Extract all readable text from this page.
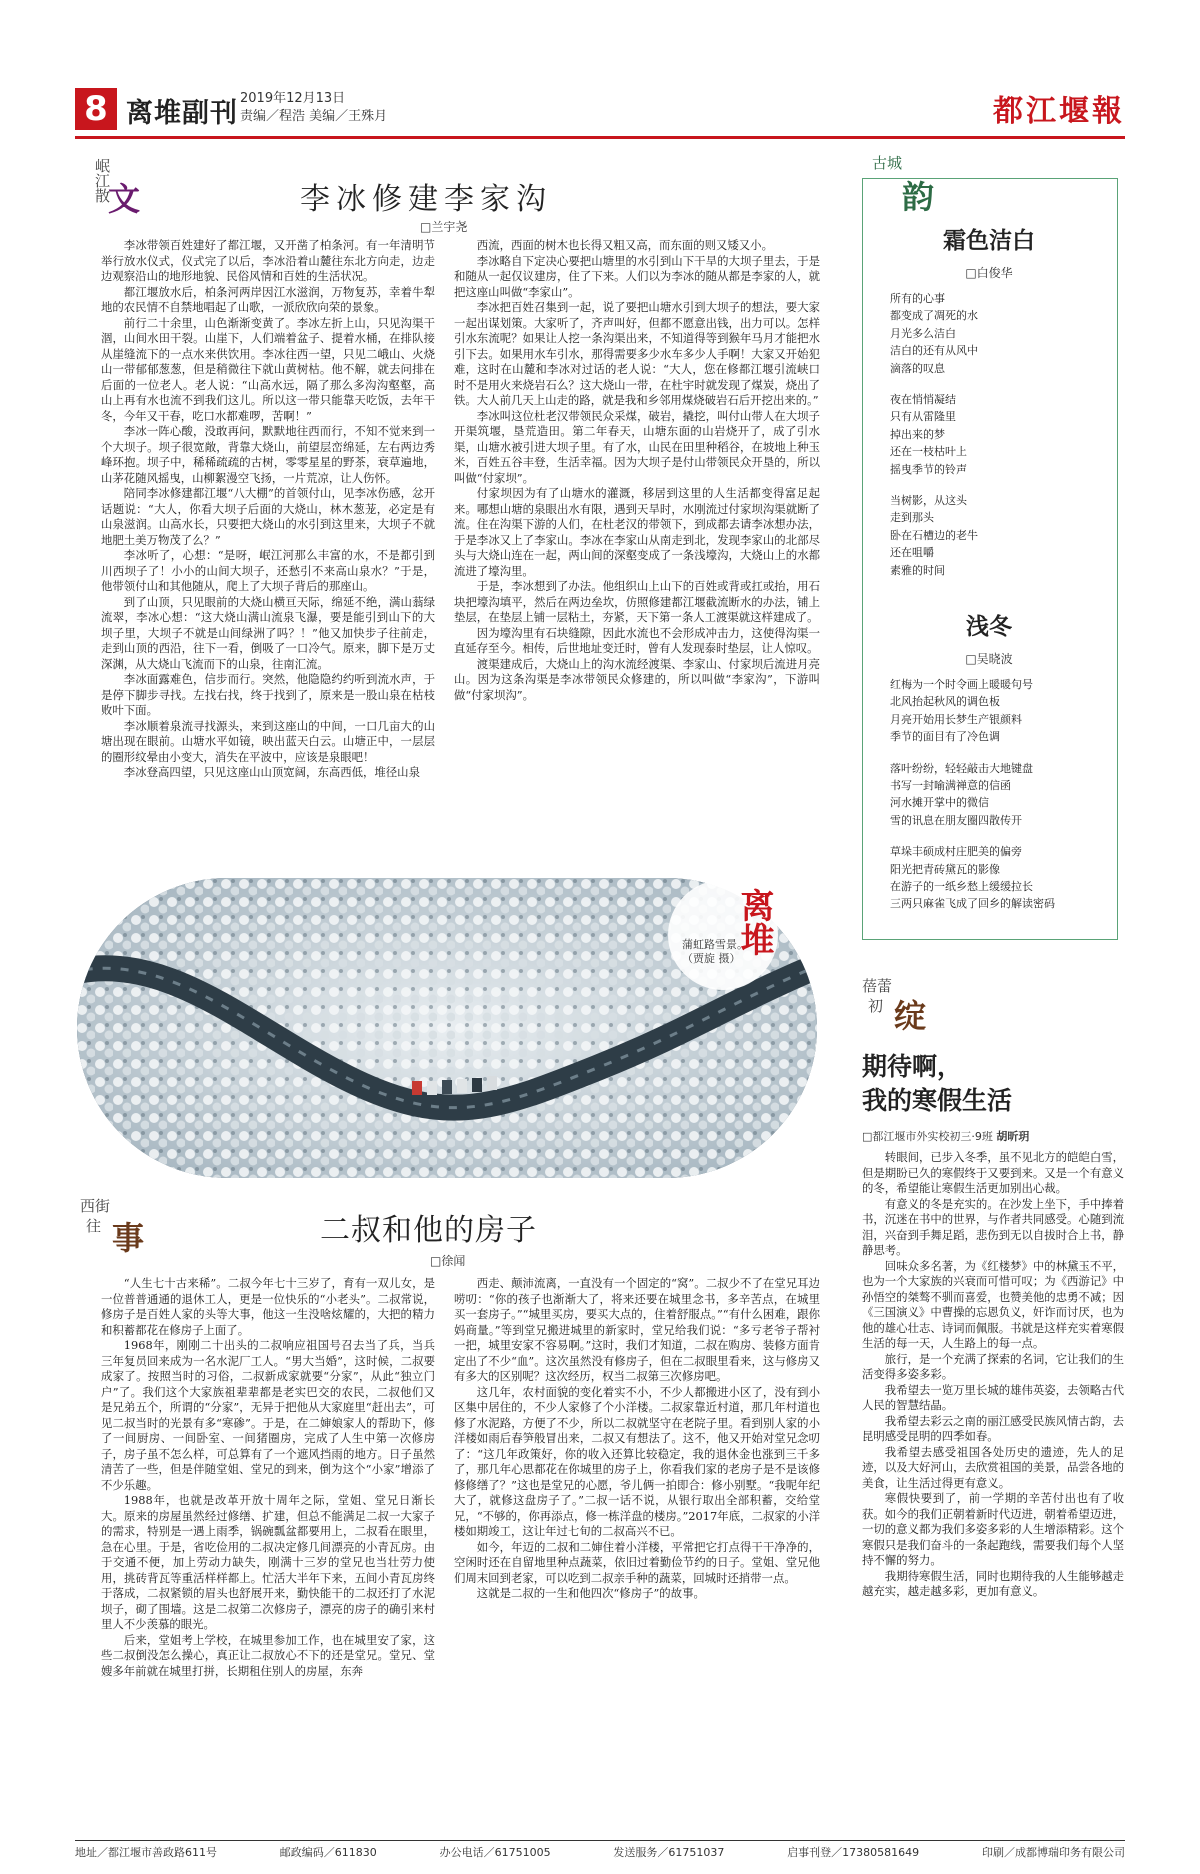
8 离堆副刊 2019年12月13日
责编／程浩 美编／王殊月	都江堰報
岷江散
文	李冰修建李家沟
□兰宇尧

李冰带领百姓建好了都江堰，又开凿了柏条河。有一年清明节举行放水仪式，仪式完了以后，李冰沿着山麓往东北方向走，边走边观察沿山的地形地貌、民俗风情和百姓的生活状况。

都江堰放水后，柏条河两岸因江水滋润，万物复苏，幸着牛犁地的农民情不自禁地唱起了山歌，一派欣欣向荣的景象。

前行二十余里，山色渐渐变黄了。李冰左折上山，只见沟渠干涸，山间水田干裂。山崖下，人们端着盆子、提着水桶，在排队接从崖缝流下的一点水来供饮用。李冰往西一望，只见二峨山、火烧山一带郁郁葱葱，但是稍微往下就山黄树枯。他不解，就去问排在后面的一位老人。老人说：“山高水远，隔了那么多沟沟壑壑，高山上再有水也流不到我们这儿。所以这一带只能靠天吃饭，去年干冬，今年又干春，吃口水都难啰，苦啊！”

李冰一阵心酸，没敢再问，默默地往西而行，不知不觉来到一个大坝子。坝子很宽敞，背靠大烧山，前望层峦绵延，左右两边秀峰环抱。坝子中，稀稀疏疏的古树，零零星星的野茶，衰草遍地，山茅花随风摇曳，山柳絮漫空飞扬，一片荒凉，让人伤怀。

陪同李冰修建都江堰“八大棚”的首领付山，见李冰伤感，忿开话题说：“大人，你看大坝子后面的大烧山，林木葱茏，必定是有山泉滋润。山高水长，只要把大烧山的水引到这里来，大坝子不就地肥土美万物茂了么？”

李冰听了，心想：“是呀，岷江河那么丰富的水，不是都引到川西坝子了！小小的山间大坝子，还愁引不来高山泉水？”于是，他带领付山和其他随从，爬上了大坝子背后的那座山。

到了山顶，只见眼前的大烧山横亘天际，绵延不绝，满山蓊绿流翠，李冰心想：“这大烧山满山流泉飞瀑，要是能引到山下的大坝子里，大坝子不就是山间绿洲了吗？！”他又加快步子往前走，走到山顶的西沿，往下一看，倒吸了一口冷气。原来，脚下是万丈深渊，从大烧山飞流而下的山泉，往南汇流。

李冰面露难色，信步而行。突然，他隐隐约约听到流水声，于是停下脚步寻找。左找右找，终于找到了，原来是一股山泉在枯枝败叶下面。

李冰顺着泉流寻找源头，来到这座山的中间，一口几亩大的山塘出现在眼前。山塘水平如镜，映出蓝天白云。山塘正中，一层层的圈形纹晕由小变大，消失在平波中，应该是泉眼吧！

李冰登高四望，只见这座山山顶宽阔，东高西低，堆径山泉

西流，西面的树木也长得又粗又高，而东面的则又矮又小。

李冰略自下定决心要把山塘里的水引到山下干旱的大坝子里去，于是和随从一起仅议建房，住了下来。人们以为李冰的随从都是李家的人，就把这座山叫做“李家山”。

李冰把百姓召集到一起，说了要把山塘水引到大坝子的想法，要大家一起出谋划策。大家听了，齐声叫好，但都不愿意出钱，出力可以。怎样引水东流呢？如果让人挖一条沟渠出来，不知道得等到猴年马月才能把水引下去。如果用水车引水，那得需要多少水车多少人手啊！大家又开始犯难，这时在山麓和李冰对过话的老人说：“大人，您在修都江堰引流峡口时不是用火来烧岩石么？这大烧山一带，在杜宇时就发现了煤炭，烧出了铁。大人前几天上山走的路，就是我和乡邻用煤烧破岩石后开挖出来的。”

李冰叫这位杜老汉带领民众采煤，破岩，撬挖，叫付山带人在大坝子开渠筑堰，垦荒造田。第二年春天，山塘东面的山岩烧开了，成了引水渠，山塘水被引进大坝子里。有了水，山民在田里种稻谷，在坡地上种玉米，百姓五谷丰登，生活幸福。因为大坝子是付山带领民众开垦的，所以叫做“付家坝”。

付家坝因为有了山塘水的灌溉，移居到这里的人生活都变得富足起来。哪想山塘的泉眼出水有限，遇到天旱时，水刚流过付家坝沟渠就断了流。住在沟渠下游的人们，在杜老汉的带领下，到成都去请李冰想办法，于是李冰又上了李家山。李冰在李家山从南走到北，发现李家山的北部尽头与大烧山连在一起，两山间的深壑变成了一条浅壕沟，大烧山上的水都流进了壕沟里。

于是，李冰想到了办法。他组织山上山下的百姓或背或扛或抬，用石块把壕沟填平，然后在两边垒坎，仿照修建都江堰截流断水的办法，铺上垫层，在垫层上铺一层粘土，夯紧，天下第一条人工渡渠就这样建成了。

因为壕沟里有石块缝隙，因此水流也不会形成冲击力，这使得沟渠一直延存至今。相传，后世地址变迁时，曾有人发现泰时垫层，让人惊叹。

渡渠建成后，大烧山上的沟水流经渡渠、李家山、付家坝后流进月亮山。因为这条沟渠是李冰带领民众修建的，所以叫做“李家沟”，下游叫做“付家坝沟”。

古城
韵
霜色洁白
□白俊华
所有的心事
都变成了凋死的水
月光多么洁白
洁白的还有从风中
滴落的叹息
夜在悄悄凝结
只有从雷隆里
掉出来的梦
还在一枝枯叶上
摇曳季节的铃声
当树影，从这头
走到那头
卧在石槽边的老牛
还在咀嚼
素雅的时间
浅冬
□吴晓波
红梅为一个时令画上暖暖句号
北风抬起秋风的调色板
月亮开始用长梦生产银颜料
季节的面目有了冷色调
落叶纷纷，轻轻敲击大地键盘
书写一封喻满禅意的信函
河水摊开掌中的微信
雪的讯息在朋友圈四散传开
草垛丰硕成村庄肥美的偏旁
阳光把青砖黛瓦的影像
在游子的一纸乡愁上缓缓拉长
三两只麻雀飞成了回乡的解读密码
离堆
蒲虹路雪景。
（贾旋 摄）
蓓蕾
初 绽
期待啊，
我的寒假生活
□都江堰市外实校初三·9班 胡昕玥

转眼间，已步入冬季，虽不见北方的皑皑白雪，但是期盼已久的寒假终于又要到来。又是一个有意义的冬，希望能让寒假生活更加别出心裁。

有意义的冬是充实的。在沙发上坐下，手中捧着书，沉迷在书中的世界，与作者共同感受。心随到流泪，兴奋到手舞足蹈，悲伤到无以自拔时合上书，静静思考。

回味众多名著，为《红楼梦》中的林黛玉不平，也为一个大家族的兴衰而可惜可叹；为《西游记》中孙悟空的桀骜不驯而喜爱，也赞美他的忠勇不减；因《三国演义》中曹操的忘恩负义，奸诈而讨厌，也为他的雄心壮志、诗词而佩服。书就是这样充实着寒假生活的每一天，人生路上的每一点。

旅行，是一个充满了探索的名词，它让我们的生活变得多姿多彩。

我希望去一览万里长城的雄伟英姿，去领略古代人民的智慧结晶。

我希望去彩云之南的丽江感受民族风情古韵，去昆明感受昆明的四季如春。

我希望去感受祖国各处历史的遗迹，先人的足迹，以及大好河山，去欣赏祖国的美景，品尝各地的美食，让生活过得更有意义。

寒假快要到了，前一学期的辛苦付出也有了收获。如今的我们正朝着新时代迈进，朝着希望迈进，一切的意义都为我们多姿多彩的人生增添精彩。这个寒假只是我们奋斗的一条起跑线，需要我们每个人坚持不懈的努力。

我期待寒假生活，同时也期待我的人生能够越走越充实，越走越多彩，更加有意义。

西街
往 事	二叔和他的房子
□徐闻

“人生七十古来稀”。二叔今年七十三岁了，育有一双儿女，是一位普普通通的退休工人，更是一位快乐的“小老头”。二叔常说，修房子是百姓人家的头等大事，他这一生没啥炫耀的，大把的精力和积蓄都花在修房子上面了。

1968年，刚刚二十出头的二叔响应祖国号召去当了兵，当兵三年复员回来成为一名水泥厂工人。“男大当婚”，这时候，二叔要成家了。按照当时的习俗，二叔新成家就要“分家”，从此“独立门户”了。我们这个大家族祖辈辈都是老实巴交的农民，二叔他们又是兄弟五个，所谓的“分家”，无异于把他从大家庭里“赶出去”，可见二叔当时的光景有多“寒碜”。于是，在二婶娘家人的帮助下，修了一间厨房、一间卧室、一间猪圈房，完成了人生中第一次修房子，房子虽不怎么样，可总算有了一个遮风挡雨的地方。日子虽然清苦了一些，但是伴随堂姐、堂兄的到来，倒为这个“小家”增添了不少乐趣。

1988年，也就是改革开放十周年之际，堂姐、堂兄日渐长大。原来的房屋虽然经过修缮、扩建，但总不能满足二叔一大家子的需求，特别是一遇上雨季，锅碗瓢盆都要用上，二叔看在眼里，急在心里。于是，省吃俭用的二叔决定修几间漂亮的小青瓦房。由于交通不便，加上劳动力缺失，刚满十三岁的堂兄也当壮劳力使用，挑砖背瓦等重活样样都上。忙活大半年下来，五间小青瓦房终于落成，二叔紧锁的眉头也舒展开来，勤快能干的二叔还打了水泥坝子，砌了围墙。这是二叔第二次修房子，漂亮的房子的确引来村里人不少羡慕的眼光。

后来，堂姐考上学校，在城里参加工作，也在城里安了家，这些二叔倒没怎么操心，真正让二叔放心不下的还是堂兄。堂兄、堂嫂多年前就在城里打拼，长期租住别人的房屋，东奔

西走、颠沛流离，一直没有一个固定的“窝”。二叔少不了在堂兄耳边唠叨：“你的孩子也渐渐大了，将来还要在城里念书，多辛苦点，在城里买一套房子。”“城里买房，要买大点的，住着舒服点。”“有什么困难，跟你妈商量。”等到堂兄搬进城里的新家时，堂兄给我们说：“多亏老爷子帮衬一把，城里安家不容易啊。”这时，我们才知道，二叔在购房、装修方面肯定出了不少“血”。这次虽然没有修房子，但在二叔眼里看来，这与修房又有多大的区别呢？这次经历，权当二叔第三次修房吧。

这几年，农村面貌的变化着实不小，不少人都搬进小区了，没有到小区集中居住的，不少人家修了个小洋楼。二叔家靠近村道，那几年村道也修了水泥路，方便了不少，所以二叔就坚守在老院子里。看到别人家的小洋楼如雨后春笋般冒出来，二叔又有想法了。这不，他又开始对堂兄念叨了：“这几年政策好，你的收入还算比较稳定，我的退休金也涨到三千多了，那几年心思都花在你城里的房子上，你看我们家的老房子是不是该修修修缮了？”这也是堂兄的心愿，爷儿俩一拍即合：修小别墅。“我呢年纪大了，就修这盘房子了。”二叔一话不说，从银行取出全部积蓄，交给堂兄，“不够的，你再添点，修一栋洋盘的楼房。”2017年底，二叔家的小洋楼如期竣工，这让年过七旬的二叔高兴不已。

如今，年迈的二叔和二婶住着小洋楼，平常把它打点得干干净净的，空闲时还在自留地里种点蔬菜，依旧过着勤俭节约的日子。堂姐、堂兄他们周末回到老家，可以吃到二叔亲手种的蔬菜，回城时还捎带一点。

这就是二叔的一生和他四次“修房子”的故事。

地址／都江堰市善政路611号	邮政编码／611830	办公电话／61751005	发送服务／61751037	启事刊登／17380581649	印刷／成都博瑞印务有限公司
